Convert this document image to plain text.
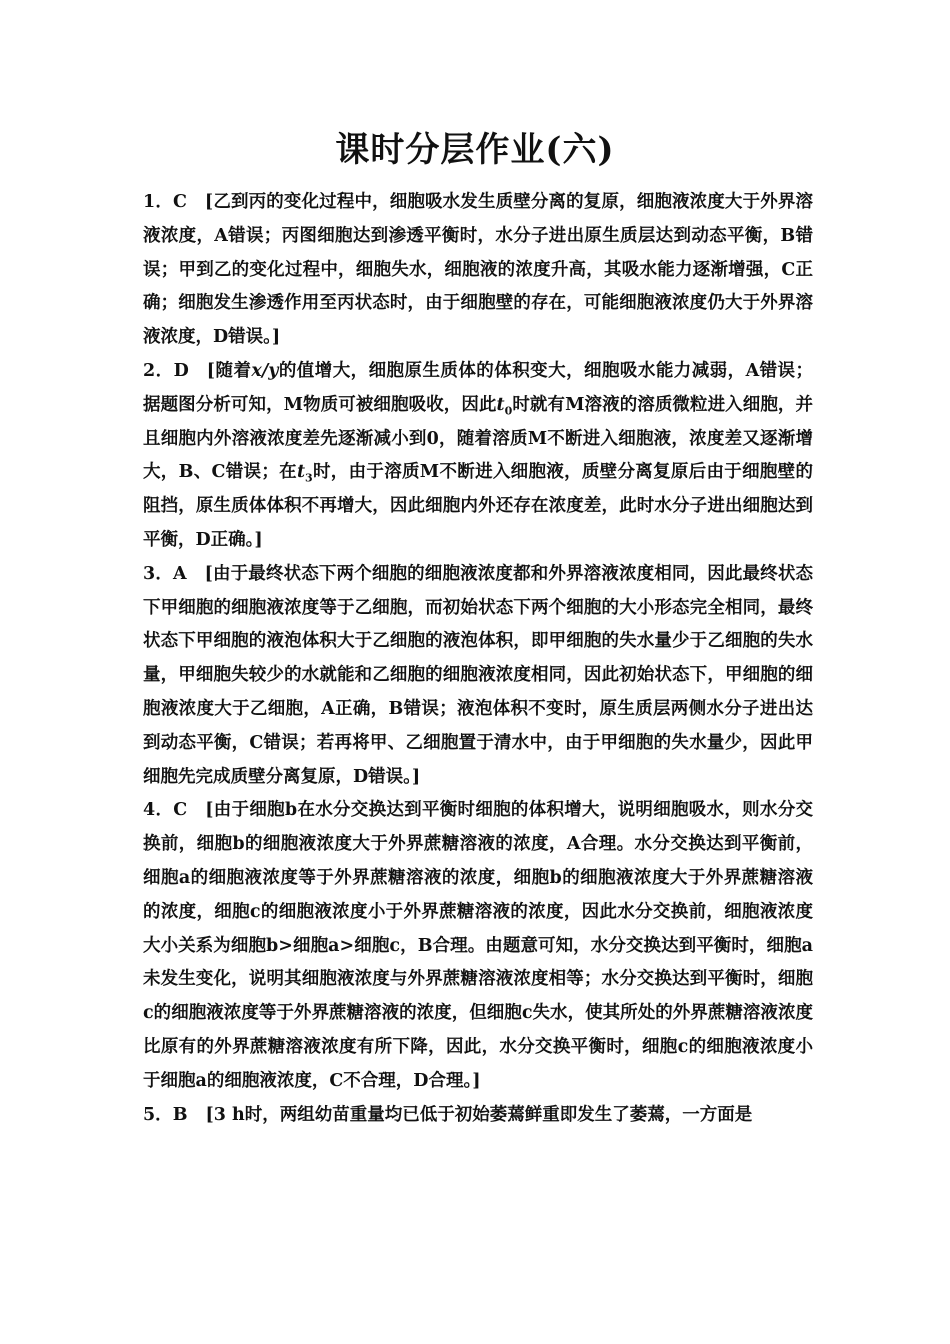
课时分层作业(六)

1．C [乙到丙的变化过程中，细胞吸水发生质壁分离的复原，细胞液浓度大于外界溶液浓度，A错误；丙图细胞达到渗透平衡时，水分子进出原生质层达到动态平衡，B错误；甲到乙的变化过程中，细胞失水，细胞液的浓度升高，其吸水能力逐渐增强，C正确；细胞发生渗透作用至丙状态时，由于细胞壁的存在，可能细胞液浓度仍大于外界溶液浓度，D错误。]

2．D [随着x/y的值增大，细胞原生质体的体积变大，细胞吸水能力减弱，A错误；据题图分析可知，M物质可被细胞吸收，因此$t_0$时就有M溶液的溶质微粒进入细胞，并且细胞内外溶液浓度差先逐渐减小到0，随着溶质M不断进入细胞液，浓度差又逐渐增大，B、C错误；在$t_3$时，由于溶质M不断进入细胞液，质壁分离复原后由于细胞壁的阻挡，原生质体体积不再增大，因此细胞内外还存在浓度差，此时水分子进出细胞达到平衡，D正确。]

3．A [由于最终状态下两个细胞的细胞液浓度都和外界溶液浓度相同，因此最终状态下甲细胞的细胞液浓度等于乙细胞，而初始状态下两个细胞的大小形态完全相同，最终状态下甲细胞的液泡体积大于乙细胞的液泡体积，即甲细胞的失水量少于乙细胞的失水量，甲细胞失较少的水就能和乙细胞的细胞液浓度相同，因此初始状态下，甲细胞的细胞液浓度大于乙细胞，A正确，B错误；液泡体积不变时，原生质层两侧水分子进出达到动态平衡，C错误；若再将甲、乙细胞置于清水中，由于甲细胞的失水量少，因此甲细胞先完成质壁分离复原，D错误。]

4．C [由于细胞b在水分交换达到平衡时细胞的体积增大，说明细胞吸水，则水分交换前，细胞b的细胞液浓度大于外界蔗糖溶液的浓度，A合理。水分交换达到平衡前，细胞a的细胞液浓度等于外界蔗糖溶液的浓度，细胞b的细胞液浓度大于外界蔗糖溶液的浓度，细胞c的细胞液浓度小于外界蔗糖溶液的浓度，因此水分交换前，细胞液浓度大小关系为细胞b>细胞a>细胞c，B合理。由题意可知，水分交换达到平衡时，细胞a未发生变化，说明其细胞液浓度与外界蔗糖溶液浓度相等；水分交换达到平衡时，细胞c的细胞液浓度等于外界蔗糖溶液的浓度，但细胞c失水，使其所处的外界蔗糖溶液浓度比原有的外界蔗糖溶液浓度有所下降，因此，水分交换平衡时，细胞c的细胞液浓度小于细胞a的细胞液浓度，C不合理，D合理。]

5．B [3 h时，两组幼苗重量均已低于初始萎蔫鲜重即发生了萎蔫，一方面是
